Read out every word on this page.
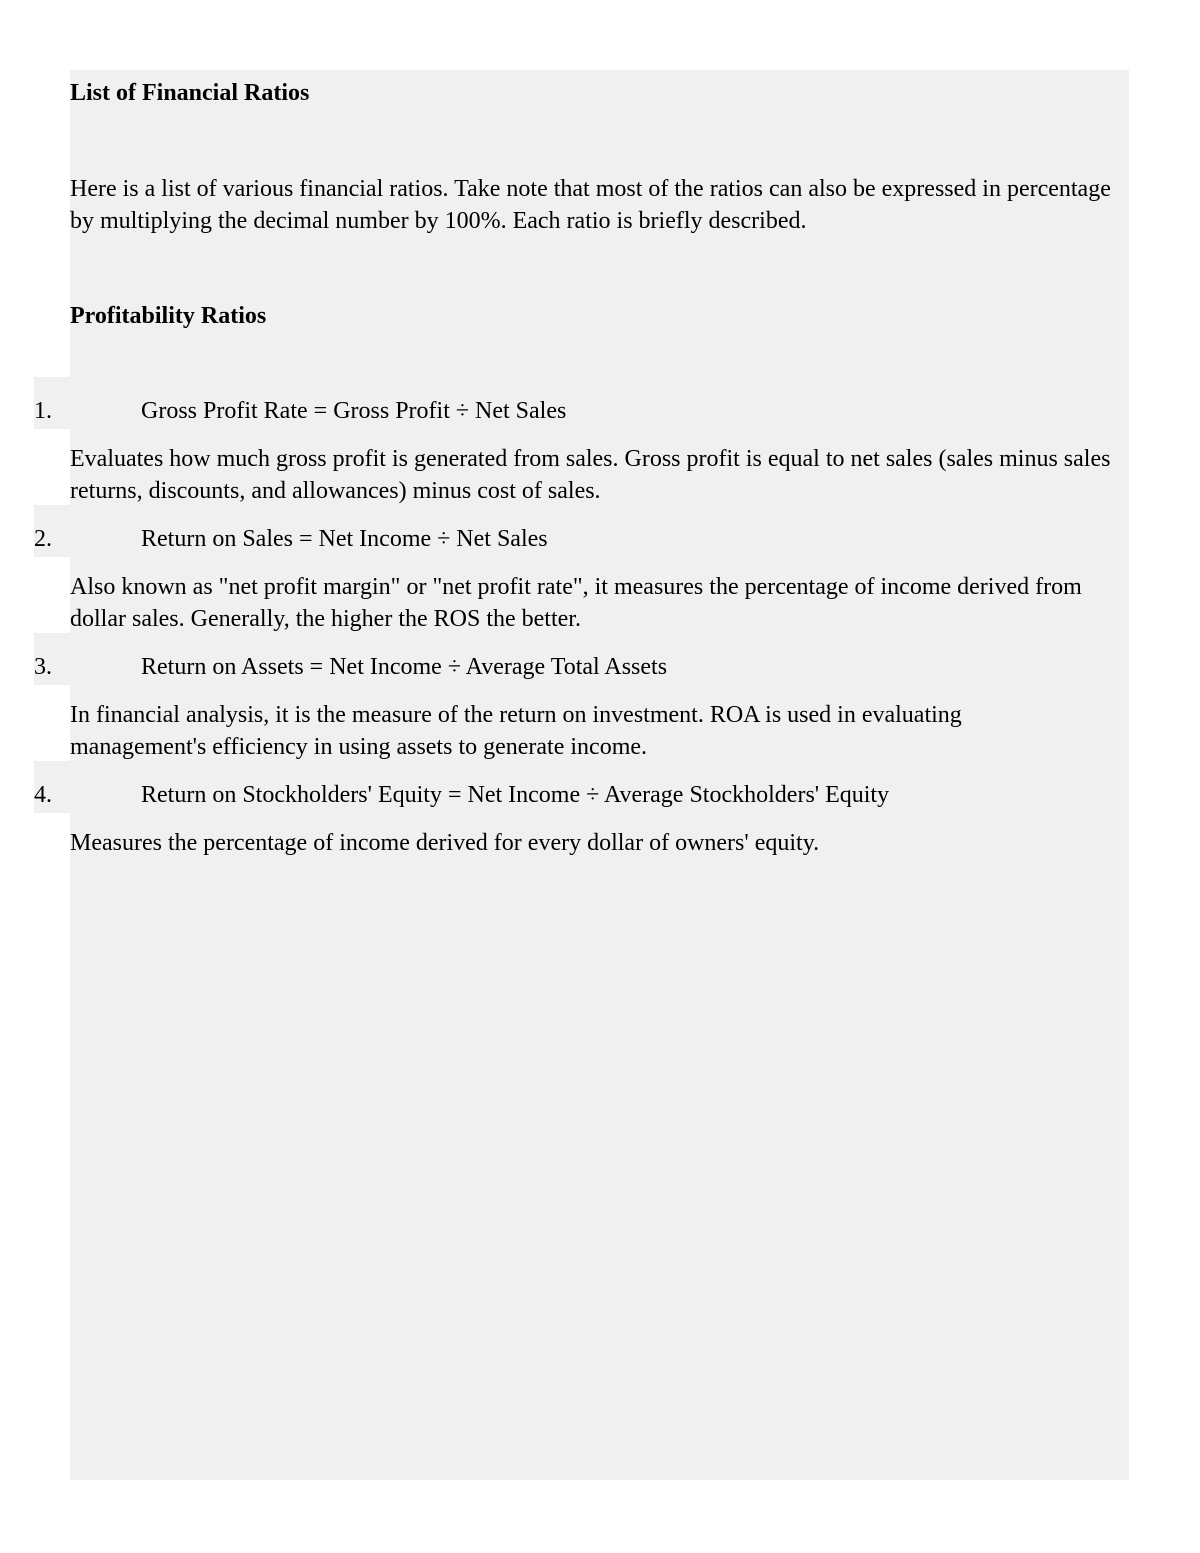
List of Financial Ratios

Here is a list of various financial ratios. Take note that most of the ratios can also be expressed in percentage by multiplying the decimal number by 100%. Each ratio is briefly described.

Profitability Ratios
1.	Gross Profit Rate = Gross Profit ÷ Net Sales

Evaluates how much gross profit is generated from sales. Gross profit is equal to net sales (sales minus sales returns, discounts, and allowances) minus cost of sales.

2.	Return on Sales = Net Income ÷ Net Sales

Also known as "net profit margin" or "net profit rate", it measures the percentage of income derived from dollar sales. Generally, the higher the ROS the better.

3.	Return on Assets = Net Income ÷ Average Total Assets

In financial analysis, it is the measure of the return on investment. ROA is used in evaluating management's efficiency in using assets to generate income.

4.	Return on Stockholders' Equity = Net Income ÷ Average Stockholders' Equity

Measures the percentage of income derived for every dollar of owners' equity.
